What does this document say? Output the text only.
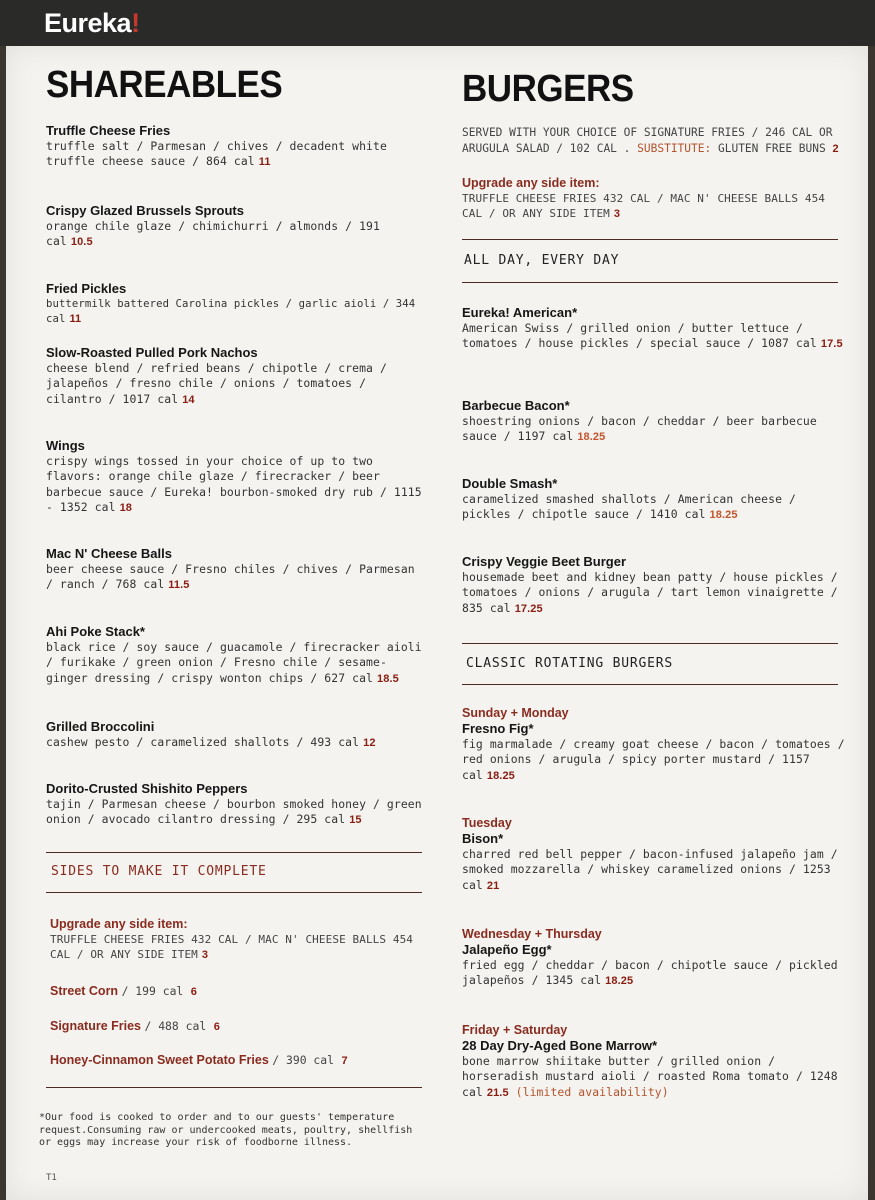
Eureka!
SHAREABLES
Truffle Cheese Fries
truffle salt / Parmesan / chives / decadent white truffle cheese sauce / 864 cal 11
Crispy Glazed Brussels Sprouts
orange chile glaze / chimichurri / almonds / 191 cal 10.5
Fried Pickles
buttermilk battered Carolina pickles / garlic aioli / 344 cal 11
Slow-Roasted Pulled Pork Nachos
cheese blend / refried beans / chipotle / crema / jalapeños / fresno chile / onions / tomatoes / cilantro / 1017 cal 14
Wings
crispy wings tossed in your choice of up to two flavors: orange chile glaze / firecracker / beer barbecue sauce / Eureka! bourbon-smoked dry rub / 1115 - 1352 cal 18
Mac N' Cheese Balls
beer cheese sauce / Fresno chiles / chives / Parmesan / ranch / 768 cal 11.5
Ahi Poke Stack*
black rice / soy sauce / guacamole / firecracker aioli / furikake / green onion / Fresno chile / sesame-ginger dressing / crispy wonton chips / 627 cal 18.5
Grilled Broccolini
cashew pesto / caramelized shallots / 493 cal 12
Dorito-Crusted Shishito Peppers
tajin / Parmesan cheese / bourbon smoked honey / green onion / avocado cilantro dressing / 295 cal 15
SIDES TO MAKE IT COMPLETE
Upgrade any side item:
TRUFFLE CHEESE FRIES 432 CAL / MAC N' CHEESE BALLS 454 CAL / OR ANY SIDE ITEM 3
Street Corn / 199 cal 6
Signature Fries / 488 cal 6
Honey-Cinnamon Sweet Potato Fries / 390 cal 7
*Our food is cooked to order and to our guests' temperature request.Consuming raw or undercooked meats, poultry, shellfish or eggs may increase your risk of foodborne illness.
T1
BURGERS
SERVED WITH YOUR CHOICE OF SIGNATURE FRIES / 246 CAL OR ARUGULA SALAD / 102 CAL . SUBSTITUTE: GLUTEN FREE BUNS 2
Upgrade any side item:
TRUFFLE CHEESE FRIES 432 CAL / MAC N' CHEESE BALLS 454 CAL / OR ANY SIDE ITEM 3
ALL DAY, EVERY DAY
Eureka! American*
American Swiss / grilled onion / butter lettuce / tomatoes / house pickles / special sauce / 1087 cal 17.5
Barbecue Bacon*
shoestring onions / bacon / cheddar / beer barbecue sauce / 1197 cal 18.25
Double Smash*
caramelized smashed shallots / American cheese / pickles / chipotle sauce / 1410 cal 18.25
Crispy Veggie Beet Burger
housemade beet and kidney bean patty / house pickles / tomatoes / onions / arugula / tart lemon vinaigrette / 835 cal 17.25
CLASSIC ROTATING BURGERS
Sunday + Monday
Fresno Fig*
fig marmalade / creamy goat cheese / bacon / tomatoes / red onions / arugula / spicy porter mustard / 1157 cal 18.25
Tuesday
Bison*
charred red bell pepper / bacon-infused jalapeño jam / smoked mozzarella / whiskey caramelized onions / 1253 cal 21
Wednesday + Thursday
Jalapeño Egg*
fried egg / cheddar / bacon / chipotle sauce / pickled jalapeños / 1345 cal 18.25
Friday + Saturday
28 Day Dry-Aged Bone Marrow*
bone marrow shiitake butter / grilled onion / horseradish mustard aioli / roasted Roma tomato / 1248 cal 21.5 (limited availability)
